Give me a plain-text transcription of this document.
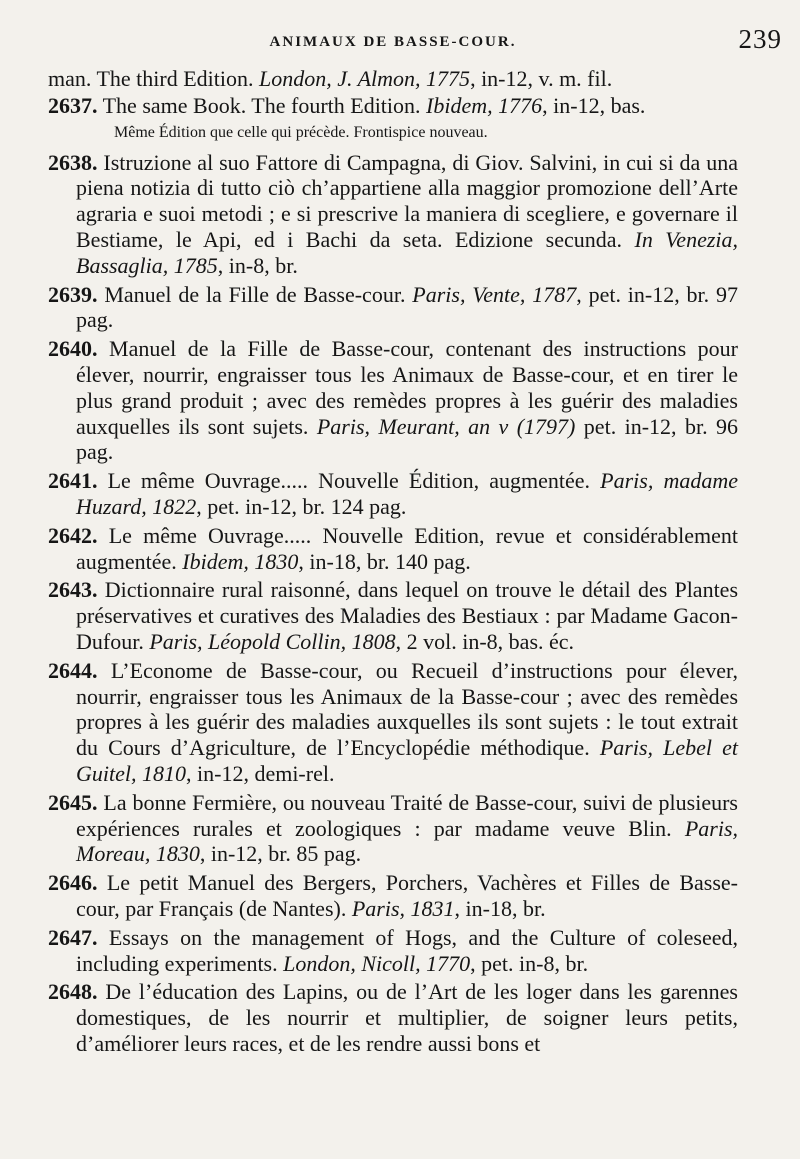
ANIMAUX DE BASSE-COUR.	239

man. The third Edition. London, J. Almon, 1775, in-12, v. m. fil.

2637. The same Book. The fourth Edition. Ibidem, 1776, in-12, bas.

Même Édition que celle qui précède. Frontispice nouveau.

2638. Istruzione al suo Fattore di Campagna, di Giov. Salvini, in cui si da una piena notizia di tutto ciò ch’appartiene alla maggior promozione dell’Arte agraria e suoi metodi ; e si prescrive la maniera di scegliere, e governare il Bestiame, le Api, ed i Bachi da seta. Edizione secunda. In Venezia, Bassaglia, 1785, in-8, br.

2639. Manuel de la Fille de Basse-cour. Paris, Vente, 1787, pet. in-12, br. 97 pag.

2640. Manuel de la Fille de Basse-cour, contenant des instructions pour élever, nourrir, engraisser tous les Animaux de Basse-cour, et en tirer le plus grand produit ; avec des remèdes propres à les guérir des maladies auxquelles ils sont sujets. Paris, Meurant, an v (1797) pet. in-12, br. 96 pag.

2641. Le même Ouvrage..... Nouvelle Édition, augmentée. Paris, madame Huzard, 1822, pet. in-12, br. 124 pag.

2642. Le même Ouvrage..... Nouvelle Edition, revue et considérablement augmentée. Ibidem, 1830, in-18, br. 140 pag.

2643. Dictionnaire rural raisonné, dans lequel on trouve le détail des Plantes préservatives et curatives des Maladies des Bestiaux : par Madame Gacon-Dufour. Paris, Léopold Collin, 1808, 2 vol. in-8, bas. éc.

2644. L’Econome de Basse-cour, ou Recueil d’instructions pour élever, nourrir, engraisser tous les Animaux de la Basse-cour ; avec des remèdes propres à les guérir des maladies auxquelles ils sont sujets : le tout extrait du Cours d’Agriculture, de l’Encyclopédie méthodique. Paris, Lebel et Guitel, 1810, in-12, demi-rel.

2645. La bonne Fermière, ou nouveau Traité de Basse-cour, suivi de plusieurs expériences rurales et zoologiques : par madame veuve Blin. Paris, Moreau, 1830, in-12, br. 85 pag.

2646. Le petit Manuel des Bergers, Porchers, Vachères et Filles de Basse-cour, par Français (de Nantes). Paris, 1831, in-18, br.

2647. Essays on the management of Hogs, and the Culture of coleseed, including experiments. London, Nicoll, 1770, pet. in-8, br.

2648. De l’éducation des Lapins, ou de l’Art de les loger dans les garennes domestiques, de les nourrir et multiplier, de soigner leurs petits, d’améliorer leurs races, et de les rendre aussi bons et
